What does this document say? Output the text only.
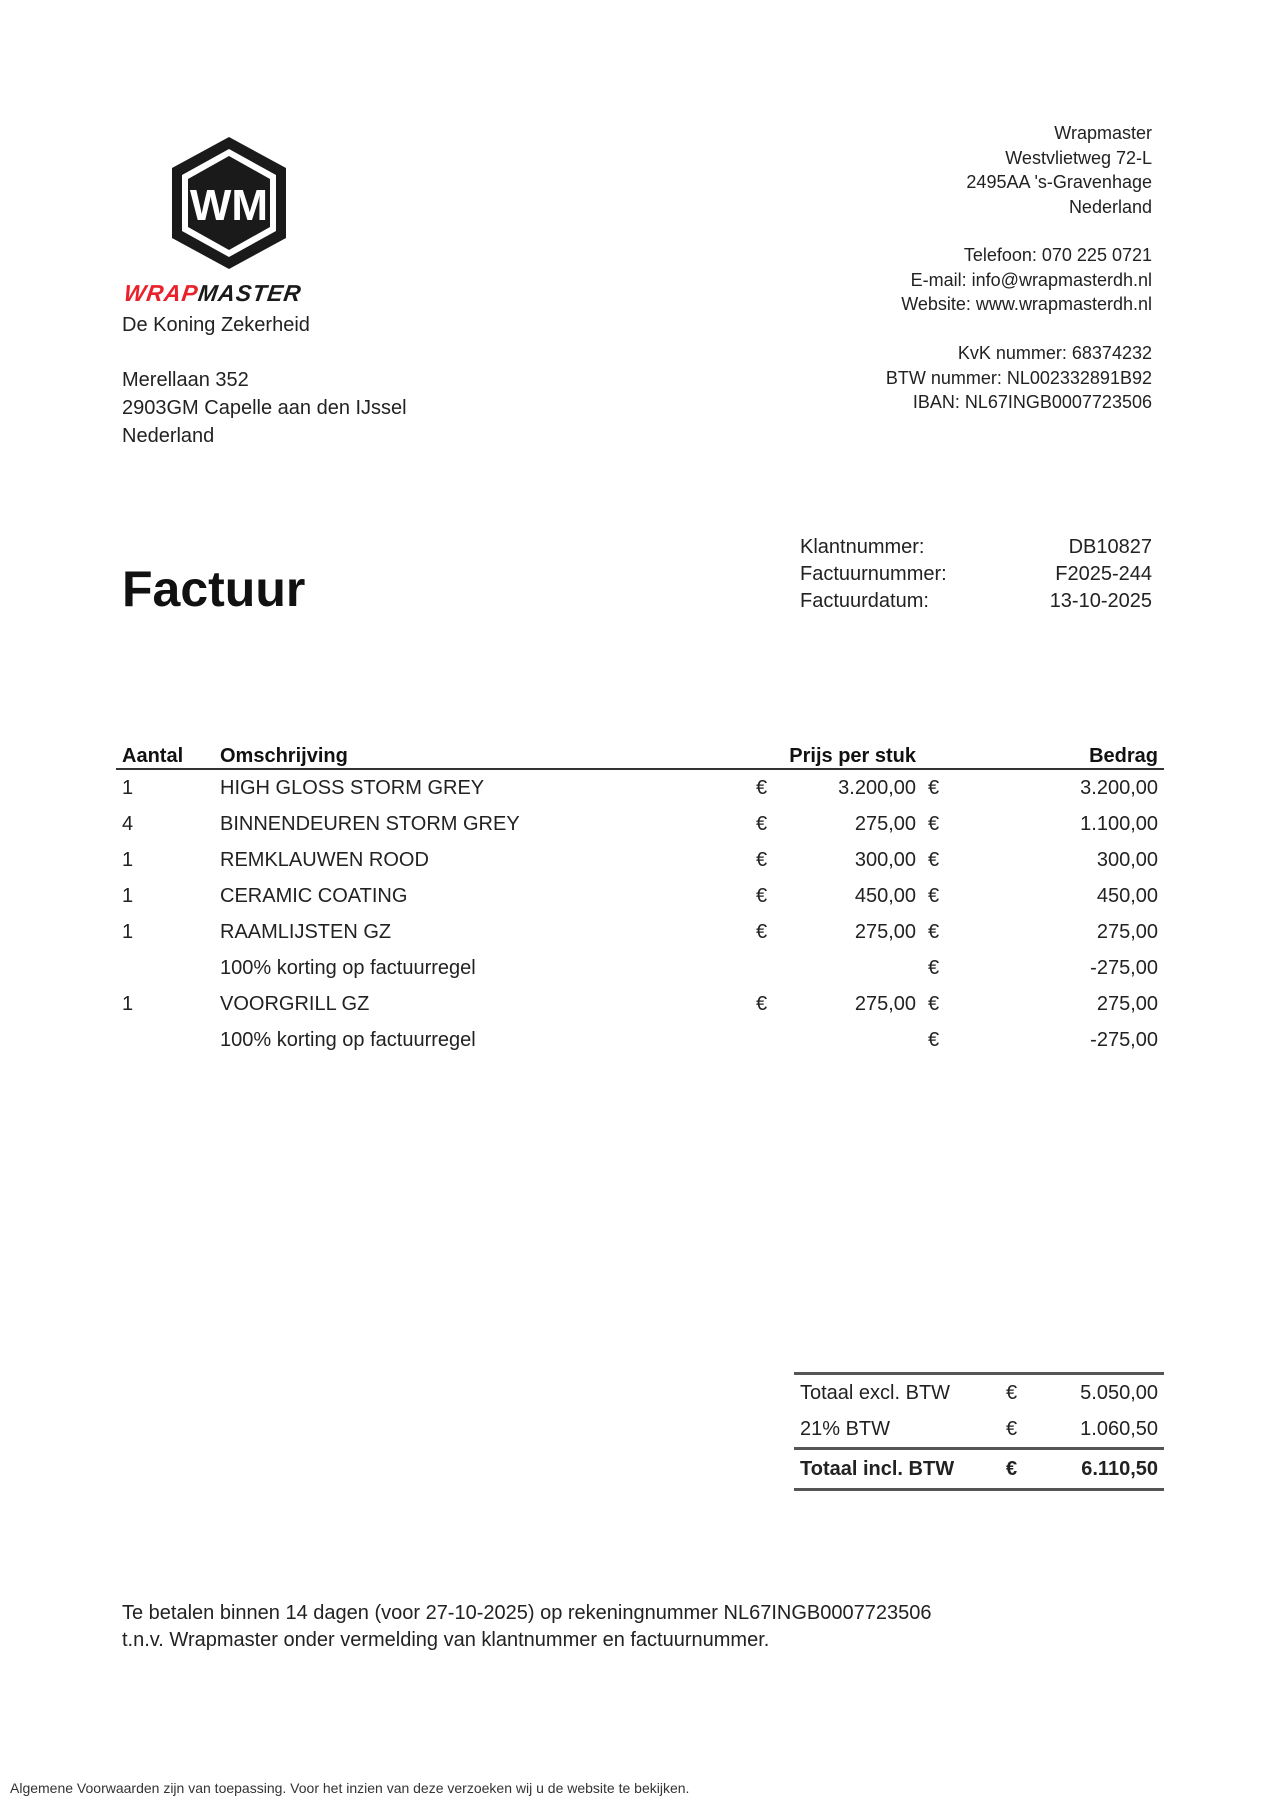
WM
WRAPMASTER
De Koning Zekerheid
Merellaan 352
2903GM Capelle aan den IJssel
Nederland
Wrapmaster
Westvlietweg 72-L
2495AA 's-Gravenhage
Nederland
Telefoon: 070 225 0721
E-mail: info@wrapmasterdh.nl
Website: www.wrapmasterdh.nl
KvK nummer: 68374232
BTW nummer: NL002332891B92
IBAN: NL67INGB0007723506
Factuur
Klantnummer:	DB10827
Factuurnummer:	F2025-244
Factuurdatum:	13-10-2025
Aantal	Omschrijving	Prijs per stuk		Bedrag	
1	HIGH GLOSS STORM GREY	€	3.200,00	€	3.200,00
4	BINNENDEUREN STORM GREY	€	275,00	€	1.100,00
1	REMKLAUWEN ROOD	€	300,00	€	300,00
1	CERAMIC COATING	€	450,00	€	450,00
1	RAAMLIJSTEN GZ	€	275,00	€	275,00
	100% korting op factuurregel			€	-275,00
1	VOORGRILL GZ	€	275,00	€	275,00
	100% korting op factuurregel			€	-275,00
Totaal excl. BTW	€	5.050,00
21% BTW	€	1.060,50
Totaal incl. BTW	€	6.110,50
Te betalen binnen 14 dagen (voor 27-10-2025) op rekeningnummer NL67INGB0007723506
t.n.v. Wrapmaster onder vermelding van klantnummer en factuurnummer.
Algemene Voorwaarden zijn van toepassing. Voor het inzien van deze verzoeken wij u de website te bekijken.
